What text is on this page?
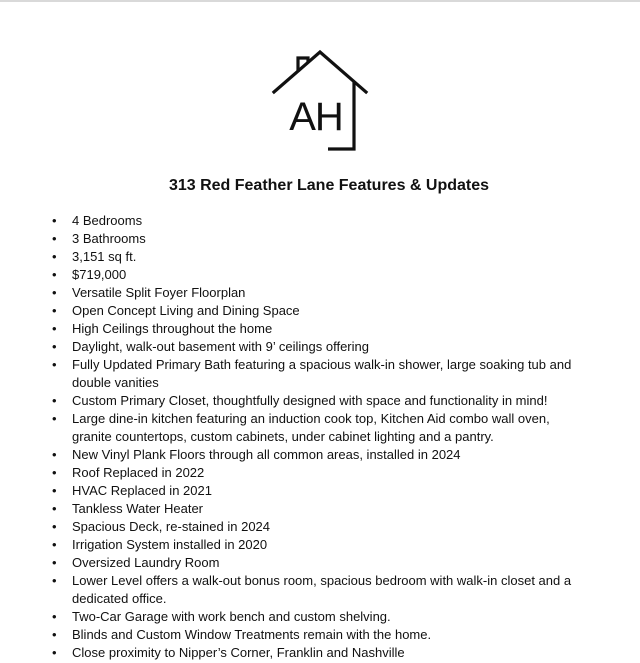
AH
313 Red Feather Lane Features & Updates
• 4 Bedrooms
• 3 Bathrooms
• 3,151 sq ft.
• $719,000
• Versatile Split Foyer Floorplan
• Open Concept Living and Dining Space
• High Ceilings throughout the home
• Daylight, walk-out basement with 9’ ceilings offering
• Fully Updated Primary Bath featuring a spacious walk-in shower, large soaking tub and
double vanities
• Custom Primary Closet, thoughtfully designed with space and functionality in mind!
• Large dine-in kitchen featuring an induction cook top, Kitchen Aid combo wall oven,
granite countertops, custom cabinets, under cabinet lighting and a pantry.
• New Vinyl Plank Floors through all common areas, installed in 2024
• Roof Replaced in 2022
• HVAC Replaced in 2021
• Tankless Water Heater
• Spacious Deck, re-stained in 2024
• Irrigation System installed in 2020
• Oversized Laundry Room
• Lower Level offers a walk-out bonus room, spacious bedroom with walk-in closet and a
dedicated office.
• Two-Car Garage with work bench and custom shelving.
• Blinds and Custom Window Treatments remain with the home.
• Close proximity to Nipper’s Corner, Franklin and Nashville
